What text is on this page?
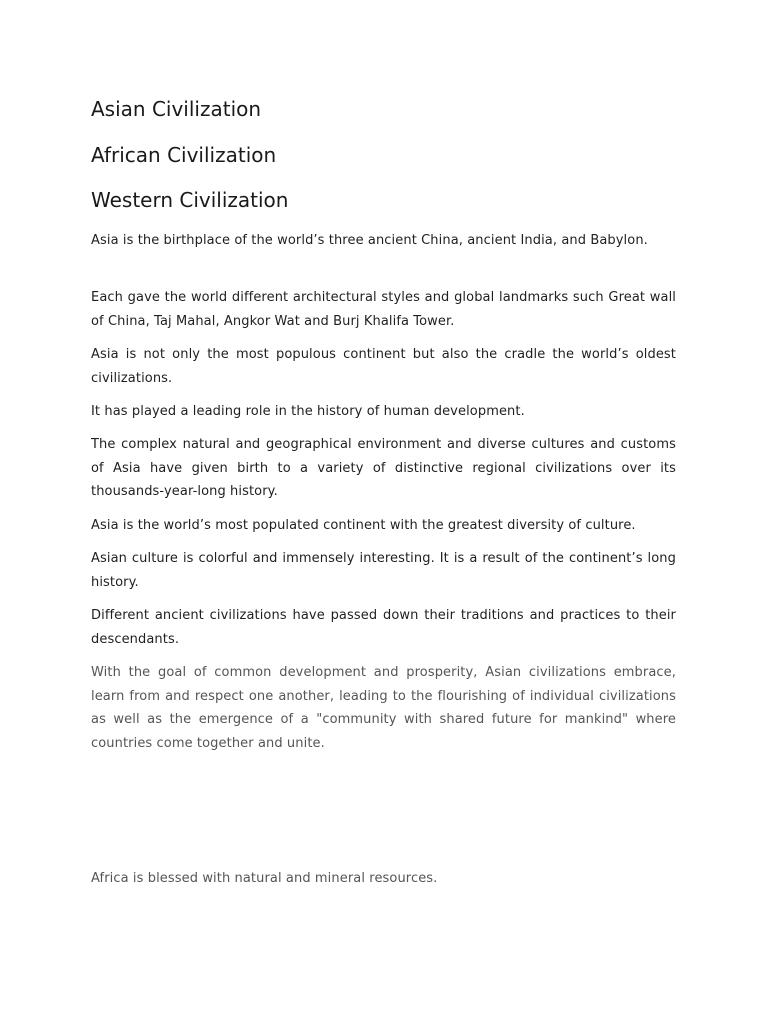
Asian Civilization
African Civilization
Western Civilization

Asia is the birthplace of the world’s three ancient China, ancient India, and Babylon.

Each gave the world different architectural styles and global landmarks such Great wall of China, Taj Mahal, Angkor Wat and Burj Khalifa Tower.

Asia is not only the most populous continent but also the cradle the world’s oldest civilizations.

It has played a leading role in the history of human development.

The complex natural and geographical environment and diverse cultures and customs of Asia have given birth to a variety of distinctive regional civilizations over its thousands-year-long history.

Asia is the world’s most populated continent with the greatest diversity of culture.

Asian culture is colorful and immensely interesting. It is a result of the continent’s long history.

Different ancient civilizations have passed down their traditions and practices to their descendants.

With the goal of common development and prosperity, Asian civilizations embrace, learn from and respect one another, leading to the flourishing of individual civilizations as well as the emergence of a "community with shared future for mankind" where countries come together and unite.

Africa is blessed with natural and mineral resources.
